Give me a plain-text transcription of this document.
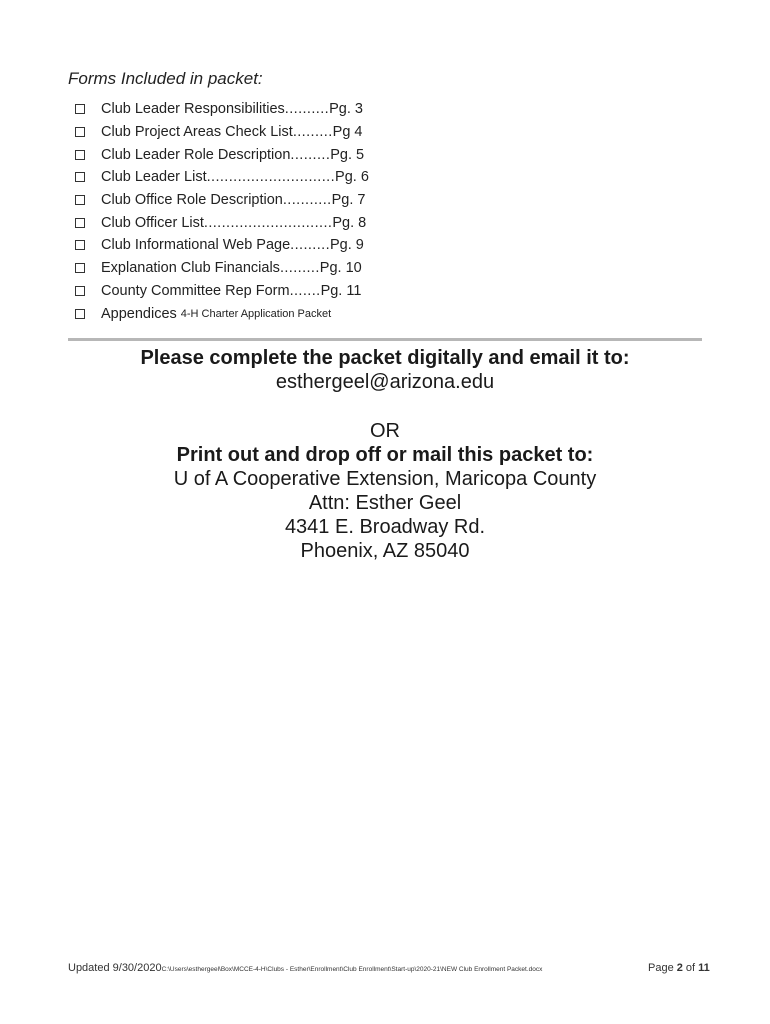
Forms Included in packet:
Club Leader Responsibilities .......... Pg. 3
Club Project Areas Check List ......... Pg 4
Club Leader Role Description ......... Pg. 5
Club Leader List ............................. Pg. 6
Club Office Role Description ........... Pg. 7
Club Officer List ............................. Pg. 8
Club Informational Web Page ......... Pg. 9
Explanation Club Financials ......... Pg. 10
County Committee Rep Form ....... Pg. 11
Appendices 4-H Charter Application Packet
Please complete the packet digitally and email it to:
esthergeel@arizona.edu
OR
Print out and drop off or mail this packet to:
U of A Cooperative Extension, Maricopa County
Attn: Esther Geel
4341 E. Broadway Rd.
Phoenix, AZ 85040
Updated 9/30/2020C:\Users\esthergeel\Box\MCCE-4-H\Clubs - Esther\Enrollment\Club Enrollment\Start-up\2020-21\NEW Club Enrollment Packet.docx	Page 2 of 11
